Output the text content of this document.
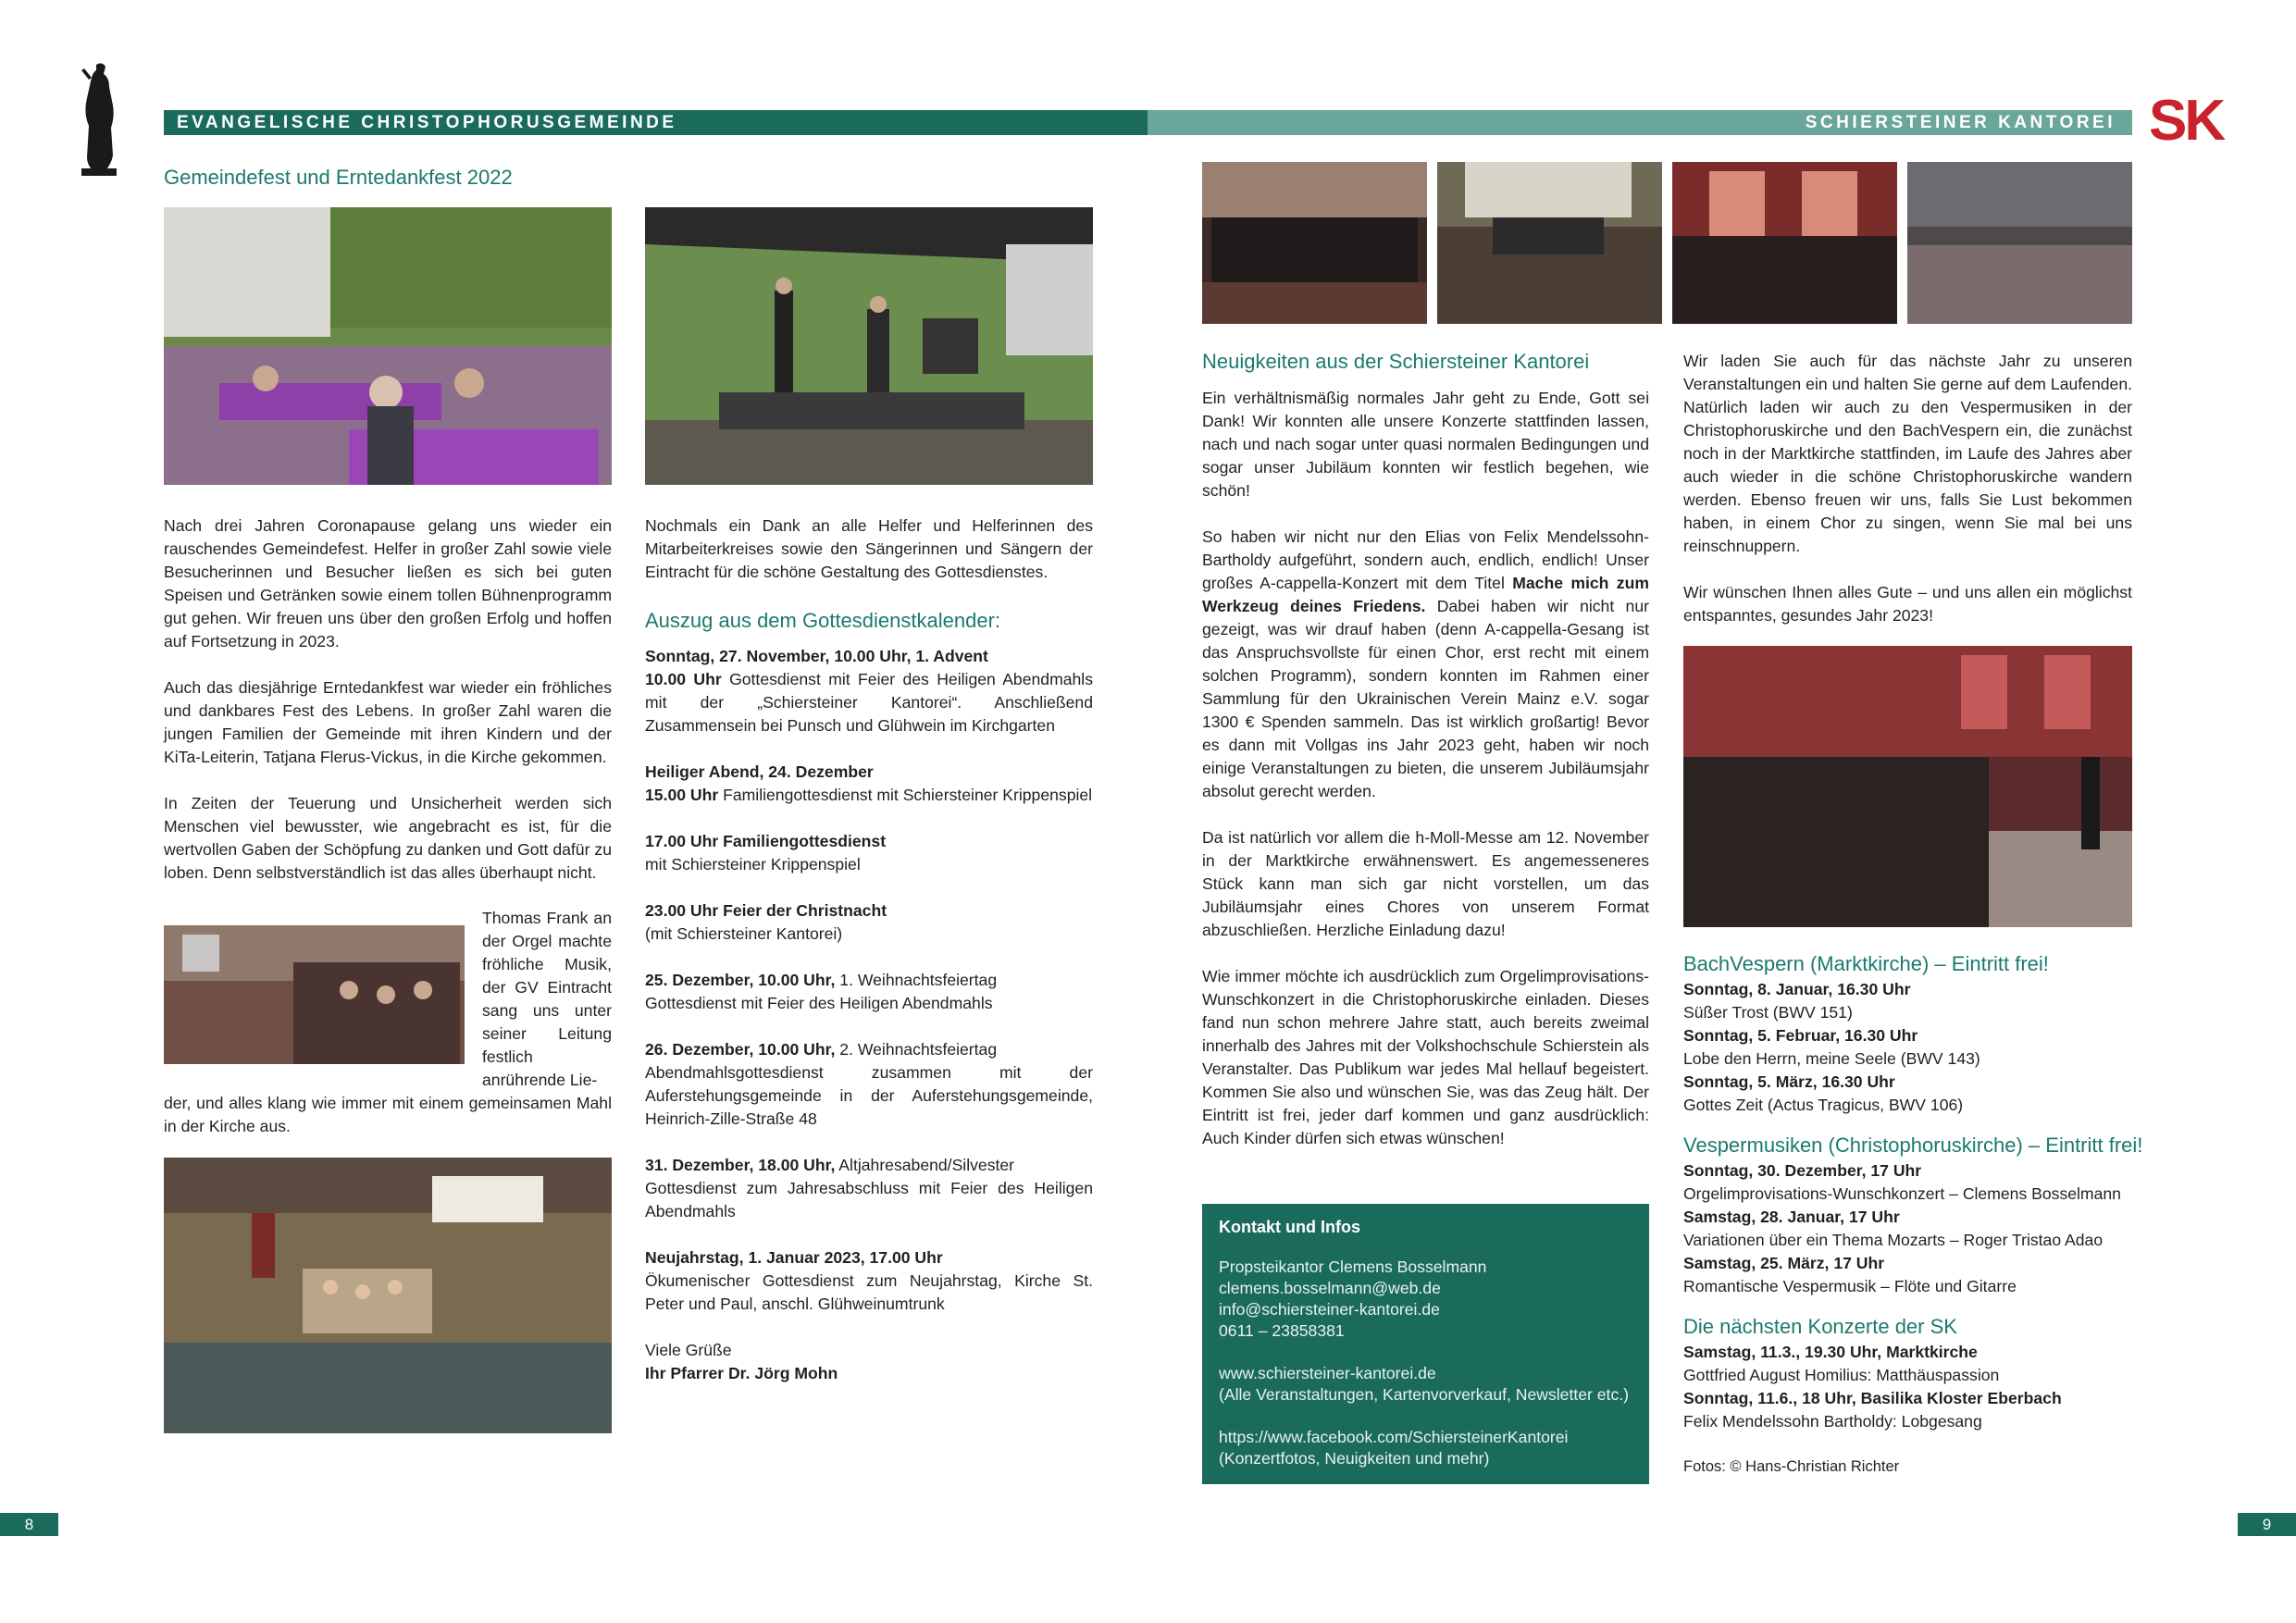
EVANGELISCHE CHRISTOPHORUSGEMEINDE	SCHIERSTEINER KANTOREI SK
Gemeindefest und Erntedankfest 2022

Nach drei Jahren Coronapause gelang uns wieder ein rauschendes Gemeindefest. Helfer in großer Zahl sowie viele Besucherinnen und Besucher ließen es sich bei guten Speisen und Getränken sowie einem tollen Bühnenprogramm gut gehen. Wir freuen uns über den großen Erfolg und hoffen auf Fortsetzung in 2023.

Auch das diesjährige Erntedankfest war wieder ein fröhliches und dankbares Fest des Lebens. In großer Zahl waren die jungen Familien der Gemeinde mit ihren Kindern und der KiTa-Leiterin, Tatjana Flerus-Vickus, in die Kirche gekommen.

In Zeiten der Teuerung und Unsicherheit werden sich Menschen viel bewusster, wie angebracht es ist, für die wertvollen Gaben der Schöpfung zu danken und Gott dafür zu loben. Denn selbstverständlich ist das alles überhaupt nicht.

Thomas Frank an der Orgel machte fröhliche Musik, der GV Eintracht sang uns unter seiner Leitung festlich anrührende Lie-
der, und alles klang wie immer mit einem gemeinsamen Mahl in der Kirche aus.

Nochmals ein Dank an alle Helfer und Helferinnen des Mitarbeiterkreises sowie den Sängerinnen und Sängern der Eintracht für die schöne Gestaltung des Gottesdienstes.

Auszug aus dem Gottesdienstkalender:
Sonntag, 27. November, 10.00 Uhr, 1. Advent
10.00 Uhr Gottesdienst mit Feier des Heiligen Abendmahls mit der „Schiersteiner Kantorei“. Anschließend Zusammensein bei Punsch und Glühwein im Kirchgarten
Heiliger Abend, 24. Dezember
15.00 Uhr Familiengottesdienst mit Schiersteiner Krippenspiel
17.00 Uhr Familiengottesdienst
mit Schiersteiner Krippenspiel
23.00 Uhr Feier der Christnacht
(mit Schiersteiner Kantorei)
25. Dezember, 10.00 Uhr, 1. Weihnachtsfeiertag
Gottesdienst mit Feier des Heiligen Abendmahls
26. Dezember, 10.00 Uhr, 2. Weihnachtsfeiertag
Abendmahlsgottesdienst zusammen mit der Auferstehungsgemeinde in der Auferstehungsgemeinde, Heinrich-Zille-Straße 48
31. Dezember, 18.00 Uhr, Altjahresabend/Silvester
Gottesdienst zum Jahresabschluss mit Feier des Heiligen Abendmahls
Neujahrstag, 1. Januar 2023, 17.00 Uhr
Ökumenischer Gottesdienst zum Neujahrstag, Kirche St. Peter und Paul, anschl. Glühweinumtrunk
Viele Grüße
Ihr Pfarrer Dr. Jörg Mohn
Neuigkeiten aus der Schiersteiner Kantorei

Ein verhältnismäßig normales Jahr geht zu Ende, Gott sei Dank! Wir konnten alle unsere Konzerte stattfinden lassen, nach und nach sogar unter quasi normalen Bedingungen und sogar unser Jubiläum konnten wir festlich begehen, wie schön!

So haben wir nicht nur den Elias von Felix Mendelssohn-Bartholdy aufgeführt, sondern auch, endlich, endlich! Unser großes A-cappella-Konzert mit dem Titel Mache mich zum Werkzeug deines Friedens. Dabei haben wir nicht nur gezeigt, was wir drauf haben (denn A-cappella-Gesang ist das Anspruchsvollste für einen Chor, erst recht mit einem solchen Programm), sondern konnten im Rahmen einer Sammlung für den Ukrainischen Verein Mainz e.V. sogar 1300 € Spenden sammeln. Das ist wirklich großartig! Bevor es dann mit Vollgas ins Jahr 2023 geht, haben wir noch einige Veranstaltungen zu bieten, die unserem Jubiläumsjahr absolut gerecht werden.

Da ist natürlich vor allem die h-Moll-Messe am 12. November in der Marktkirche erwähnenswert. Es angemesseneres Stück kann man sich gar nicht vorstellen, um das Jubiläumsjahr eines Chores von unserem Format abzuschließen. Herzliche Einladung dazu!

Wie immer möchte ich ausdrücklich zum Orgelimprovisations-Wunschkonzert in die Christophoruskirche einladen. Dieses fand nun schon mehrere Jahre statt, auch bereits zweimal innerhalb des Jahres mit der Volkshochschule Schierstein als Veranstalter. Das Publikum war jedes Mal hellauf begeistert. Kommen Sie also und wünschen Sie, was das Zeug hält. Der Eintritt ist frei, jeder darf kommen und ganz ausdrücklich: Auch Kinder dürfen sich etwas wünschen!

Kontakt und Infos
Propsteikantor Clemens Bosselmann
clemens.bosselmann@web.de
info@schiersteiner-kantorei.de
0611 – 23858381
www.schiersteiner-kantorei.de
(Alle Veranstaltungen, Kartenvorverkauf, Newsletter etc.)
https://www.facebook.com/SchiersteinerKantorei
(Konzertfotos, Neuigkeiten und mehr)

Wir laden Sie auch für das nächste Jahr zu unseren Veranstaltungen ein und halten Sie gerne auf dem Laufenden. Natürlich laden wir auch zu den Vespermusiken in der Christophoruskirche und den BachVespern ein, die zunächst noch in der Marktkirche stattfinden, im Laufe des Jahres aber auch wieder in die schöne Christophoruskirche wandern werden. Ebenso freuen wir uns, falls Sie Lust bekommen haben, in einem Chor zu singen, wenn Sie mal bei uns reinschnuppern.

Wir wünschen Ihnen alles Gute – und uns allen ein möglichst entspanntes, gesundes Jahr 2023!

BachVespern (Marktkirche) – Eintritt frei!
Sonntag, 8. Januar, 16.30 Uhr
Süßer Trost (BWV 151)
Sonntag, 5. Februar, 16.30 Uhr
Lobe den Herrn, meine Seele (BWV 143)
Sonntag, 5. März, 16.30 Uhr
Gottes Zeit (Actus Tragicus, BWV 106)
Vespermusiken (Christophoruskirche) – Eintritt frei!
Sonntag, 30. Dezember, 17 Uhr
Orgelimprovisations-Wunschkonzert – Clemens Bosselmann
Samstag, 28. Januar, 17 Uhr
Variationen über ein Thema Mozarts – Roger Tristao Adao
Samstag, 25. März, 17 Uhr
Romantische Vespermusik – Flöte und Gitarre
Die nächsten Konzerte der SK
Samstag, 11.3., 19.30 Uhr, Marktkirche
Gottfried August Homilius: Matthäuspassion
Sonntag, 11.6., 18 Uhr, Basilika Kloster Eberbach
Felix Mendelssohn Bartholdy: Lobgesang
Fotos: © Hans-Christian Richter
8	9
